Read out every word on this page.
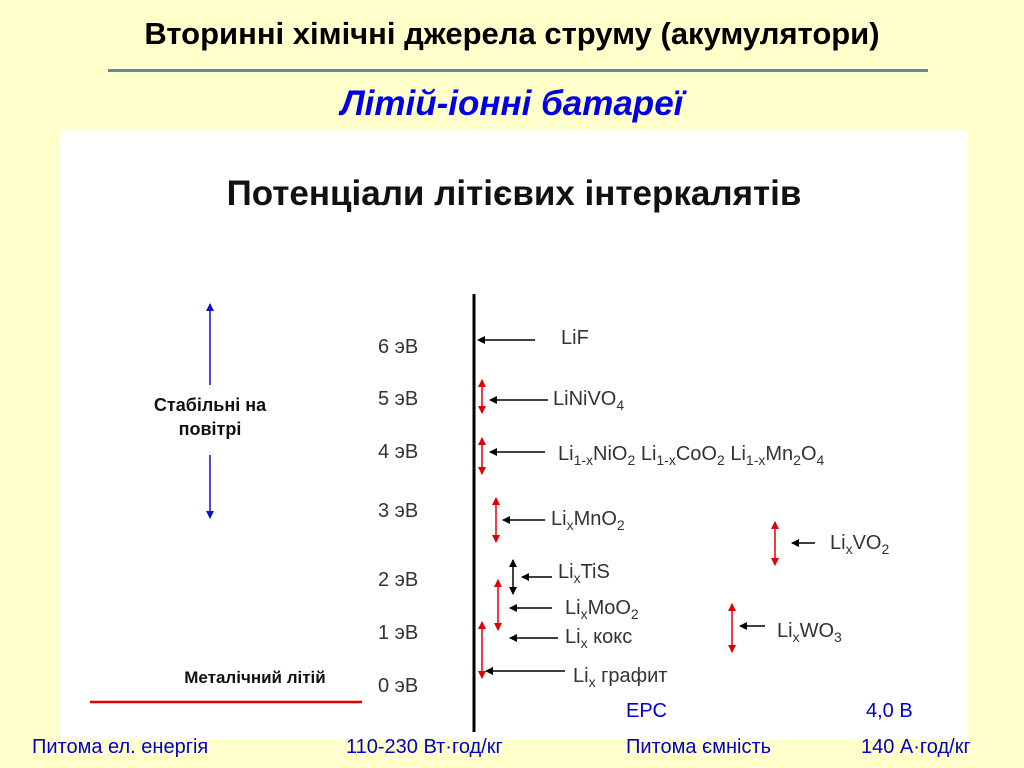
Вторинні хімічні джерела струму (акумулятори)
Літій-іонні батареї
Потенціали літієвих інтеркалятів
Стабільні на повітрі
Металічний літій
6 эВ
5 эВ
4 эВ
3 эВ
2 эВ
1 эВ
0 эВ
LiF
LiNiVO$_4$
$Li_{1-x}NiO_2$ $Li_{1-x}CoO_2$ $Li_{1-x}Mn_2O_4$
$Li_xMnO_2$
$Li_xVO_2$
$Li_xTiS$
$Li_xMoO_2$
$Li_x$ кокс	$Li_xWO_3$
$Li_x$ графит
ЕРС	4,0 В
Питома ел. енергія	110-230 Вт·год/кг	Питома ємність	140 А·год/кг
